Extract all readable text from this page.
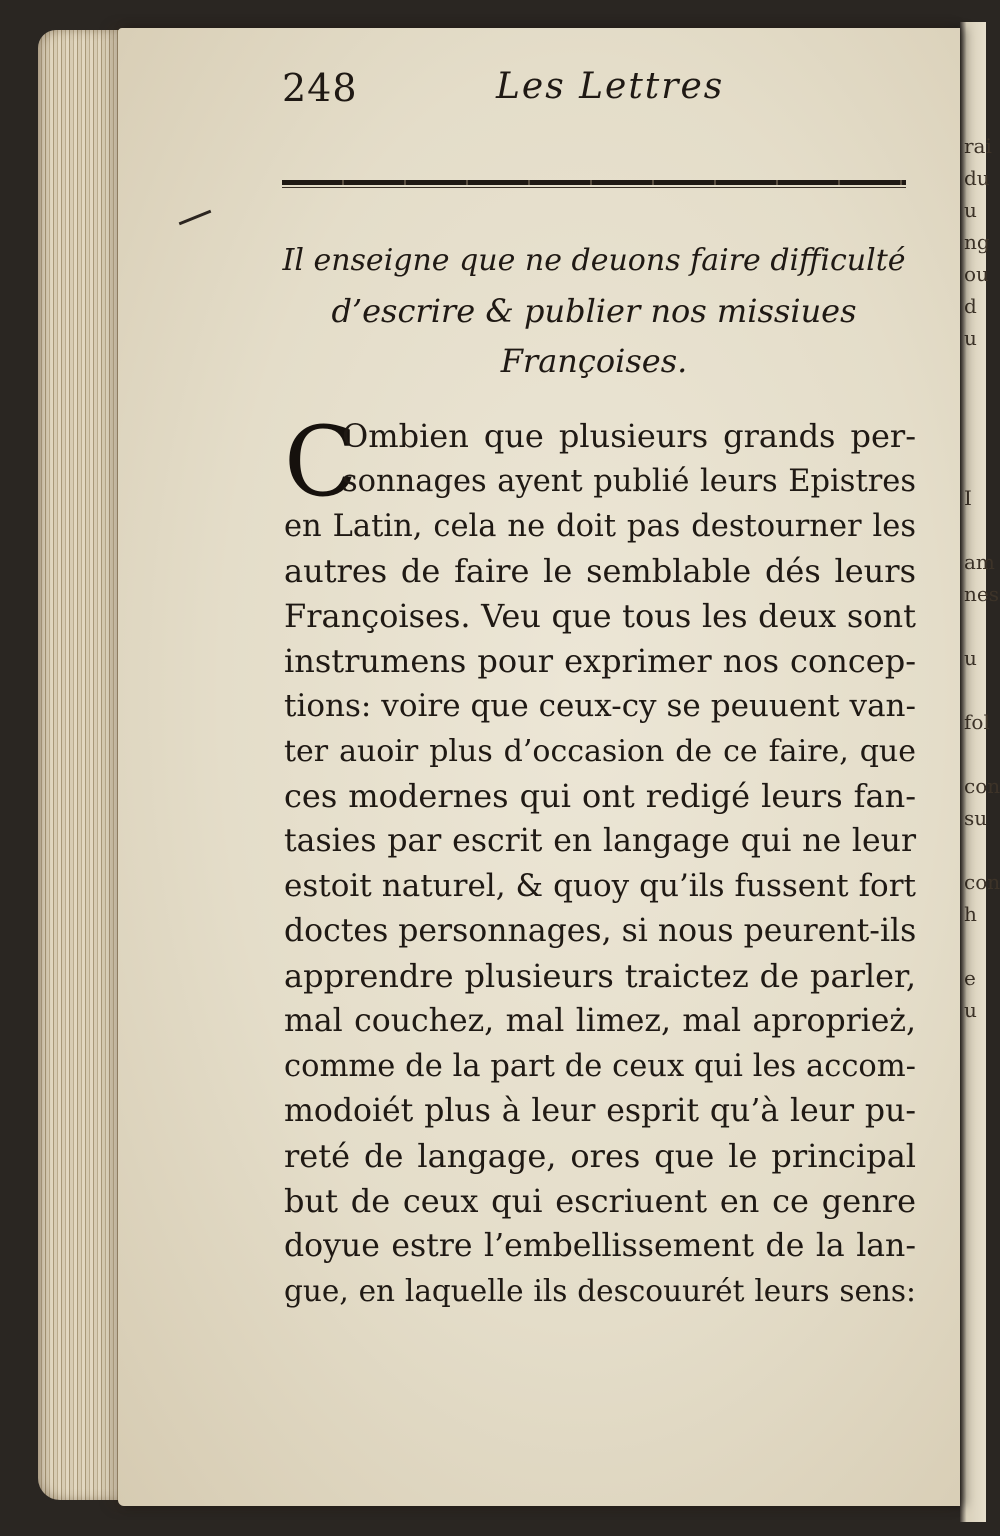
rai
du
u
ng
ou
d
u

I

am
nes

u

fol

con
su

con
h

e
u
248	Les Lettres
Il enseigne que ne deuons faire difficulté
d’escrire & publier nos missiues
Françoises.
C
Ombien que plusieurs grands per-
sonnages ayent publié leurs Epistres
en Latin, cela ne doit pas destourner les
autres de faire le semblable dés leurs
Françoises. Veu que tous les deux sont
instrumens pour exprimer nos concep-
tions: voire que ceux-cy se peuuent van-
ter auoir plus d’occasion de ce faire, que
ces modernes qui ont redigé leurs fan-
tasies par escrit en langage qui ne leur
estoit naturel, & quoy qu’ils fussent fort
doctes personnages, si nous peurent-ils
apprendre plusieurs traictez de parler,
mal couchez, mal limez, mal aproprież,
comme de la part de ceux qui les accom-
modoiét plus à leur esprit qu’à leur pu-
reté de langage, ores que le principal
but de ceux qui escriuent en ce genre
doyue estre l’embellissement de la lan-
gue, en laquelle ils descouurét leurs sens:
